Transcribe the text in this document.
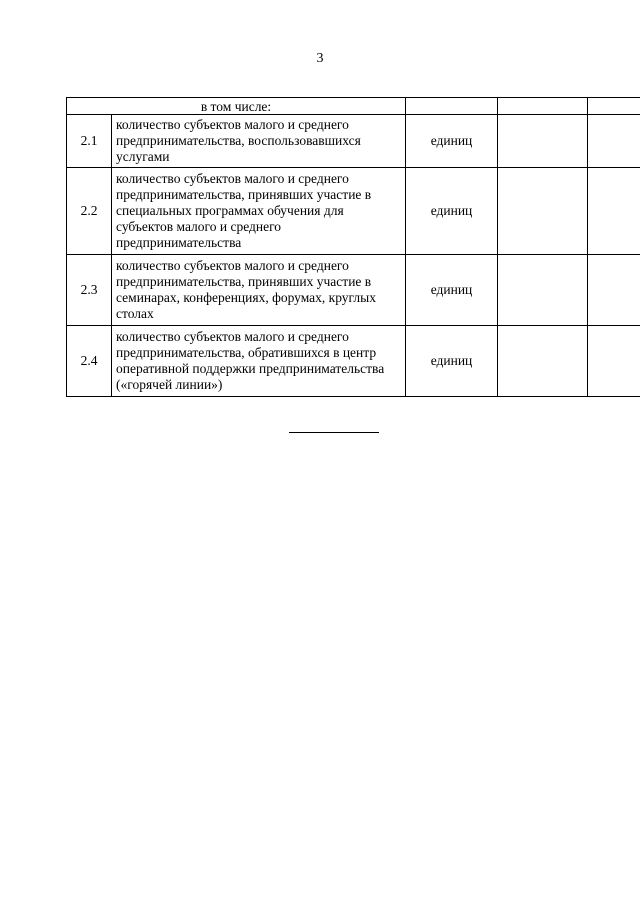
3
в том числе:				
2.1	количество субъектов малого и среднего предпринимательства, воспользовавшихся услугами	единиц		
2.2	количество субъектов малого и среднего предпринимательства, принявших участие в специальных программах обучения для субъектов малого и среднего предпринимательства	единиц		
2.3	количество субъектов малого и среднего предпринимательства, принявших участие в семинарах, конференциях, форумах, круглых столах	единиц		
2.4	количество субъектов малого и среднего предпринимательства, обратившихся в центр оперативной поддержки предпринимательства («горячей линии»)	единиц		
